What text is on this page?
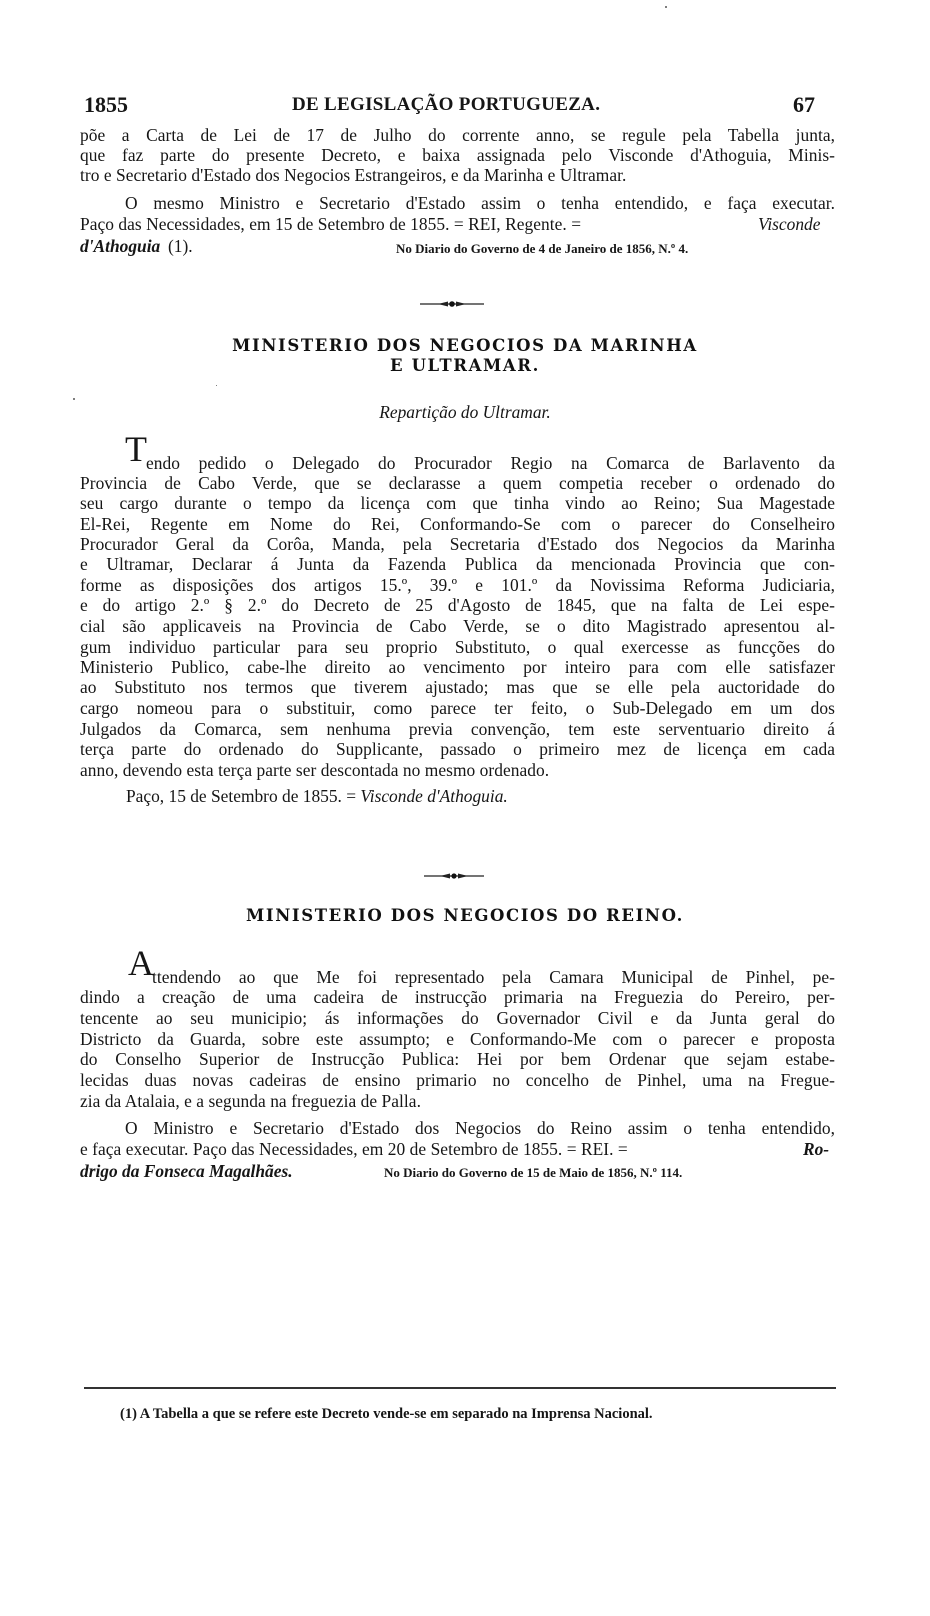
1855	DE LEGISLAÇÃO PORTUGUEZA.	67
põe a Carta de Lei de 17 de Julho do corrente anno, se regule pela Tabella junta,
que faz parte do presente Decreto, e baixa assignada pelo Visconde d'Athoguia, Minis-
tro e Secretario d'Estado dos Negocios Estrangeiros, e da Marinha e Ultramar.
O mesmo Ministro e Secretario d'Estado assim o tenha entendido, e faça executar.
Paço das Necessidades, em 15 de Setembro de 1855. = REI, Regente. =	Visconde
d'Athoguia (1).	No Diario do Governo de 4 de Janeiro de 1856, N.º 4.
MINISTERIO DOS NEGOCIOS DA MARINHA
E ULTRAMAR.
Repartição do Ultramar.
T endo pedido o Delegado do Procurador Regio na Comarca de Barlavento da
Provincia de Cabo Verde, que se declarasse a quem competia receber o ordenado do
seu cargo durante o tempo da licença com que tinha vindo ao Reino; Sua Magestade
El-Rei, Regente em Nome do Rei, Conformando-Se com o parecer do Conselheiro
Procurador Geral da Corôa, Manda, pela Secretaria d'Estado dos Negocios da Marinha
e Ultramar, Declarar á Junta da Fazenda Publica da mencionada Provincia que con-
forme as disposições dos artigos 15.º, 39.º e 101.º da Novissima Reforma Judiciaria,
e do artigo 2.º § 2.º do Decreto de 25 d'Agosto de 1845, que na falta de Lei espe-
cial são applicaveis na Provincia de Cabo Verde, se o dito Magistrado apresentou al-
gum individuo particular para seu proprio Substituto, o qual exercesse as funcções do
Ministerio Publico, cabe-lhe direito ao vencimento por inteiro para com elle satisfazer
ao Substituto nos termos que tiverem ajustado; mas que se elle pela auctoridade do
cargo nomeou para o substituir, como parece ter feito, o Sub-Delegado em um dos
Julgados da Comarca, sem nenhuma previa convenção, tem este serventuario direito á
terça parte do ordenado do Supplicante, passado o primeiro mez de licença em cada
anno, devendo esta terça parte ser descontada no mesmo ordenado.
Paço, 15 de Setembro de 1855. = Visconde d'Athoguia.
MINISTERIO DOS NEGOCIOS DO REINO.
A
ttendendo ao que Me foi representado pela Camara Municipal de Pinhel, pe-
dindo a creação de uma cadeira de instrucção primaria na Freguezia do Pereiro, per-
tencente ao seu municipio; ás informações do Governador Civil e da Junta geral do
Districto da Guarda, sobre este assumpto; e Conformando-Me com o parecer e proposta
do Conselho Superior de Instrucção Publica: Hei por bem Ordenar que sejam estabe-
lecidas duas novas cadeiras de ensino primario no concelho de Pinhel, uma na Fregue-
zia da Atalaia, e a segunda na freguezia de Palla.
O Ministro e Secretario d'Estado dos Negocios do Reino assim o tenha entendido,
e faça executar. Paço das Necessidades, em 20 de Setembro de 1855. = REI. =	Ro-
drigo da Fonseca Magalhães.	No Diario do Governo de 15 de Maio de 1856, N.º 114.
(1) A Tabella a que se refere este Decreto vende-se em separado na Imprensa Nacional.
